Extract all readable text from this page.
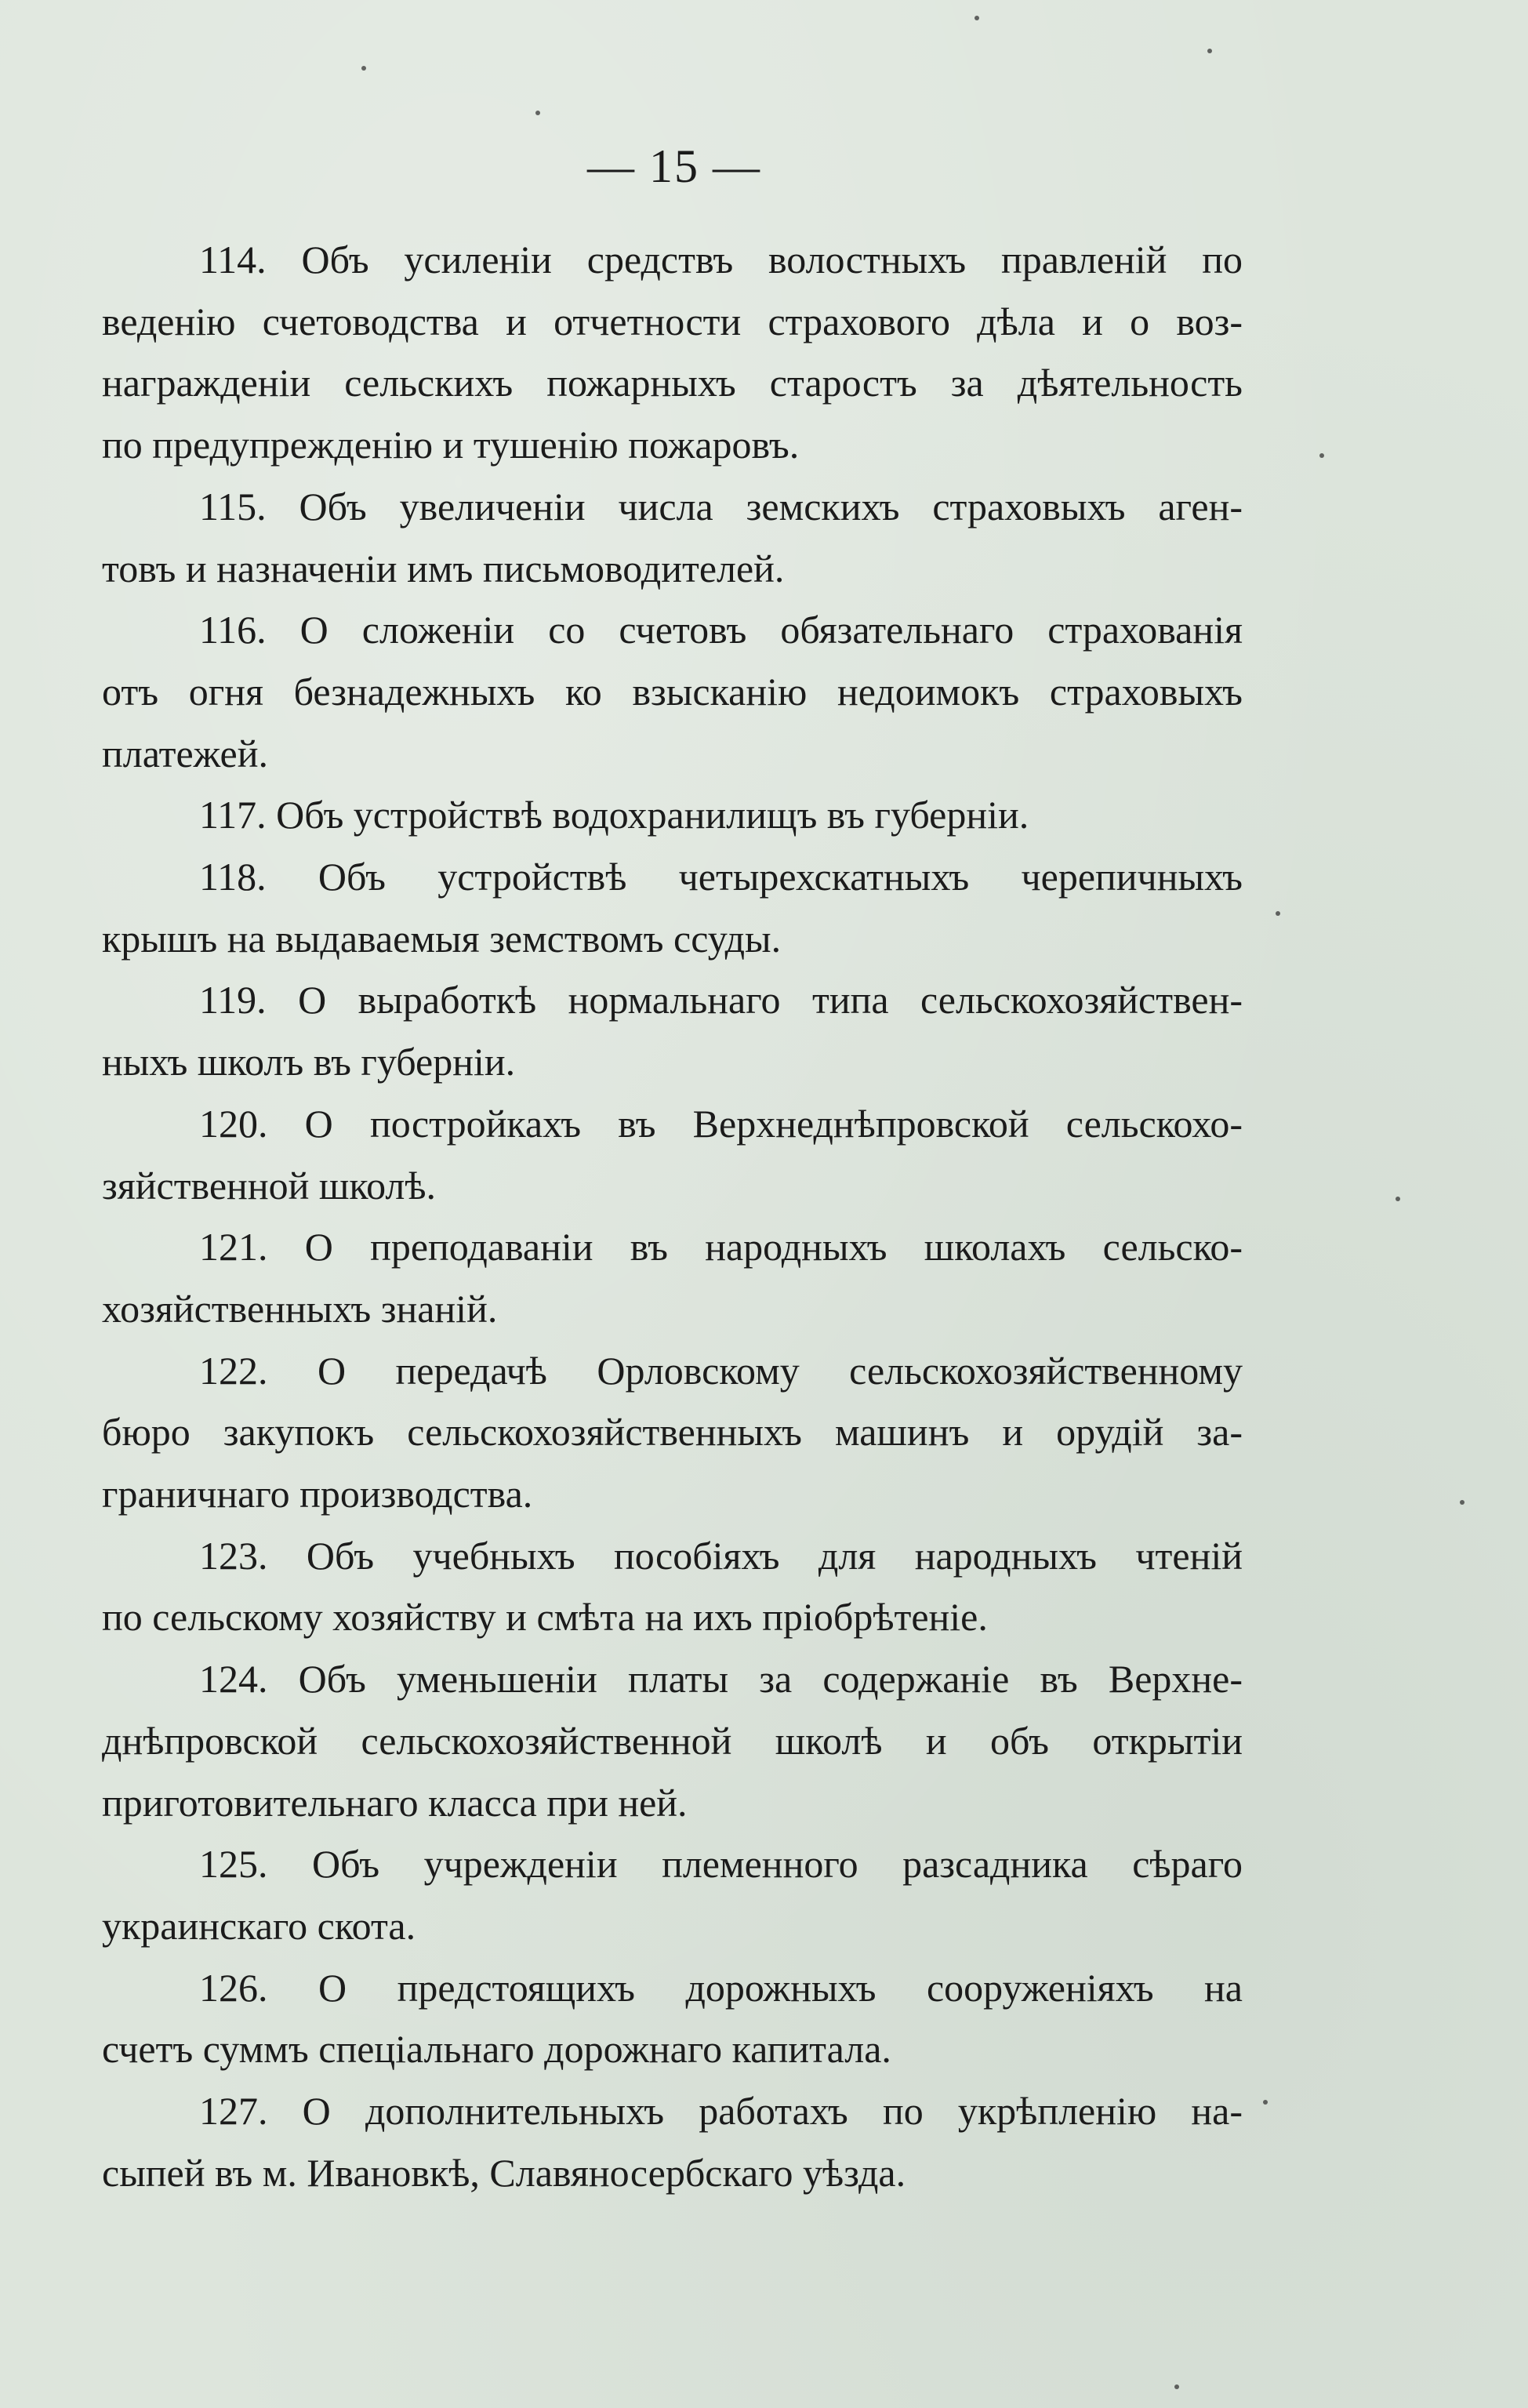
— 15 —
114. Объ усиленіи средствъ волостныхъ правленій по
веденію счетоводства и отчетности страхового дѣла и о воз-
награжденіи сельскихъ пожарныхъ старостъ за дѣятельность
по предупрежденію и тушенію пожаровъ.
115. Объ увеличеніи числа земскихъ страховыхъ аген-
товъ и назначеніи имъ письмоводителей.
116. О сложеніи со счетовъ обязательнаго страхованія
отъ огня безнадежныхъ ко взысканію недоимокъ страховыхъ
платежей.
117. Объ устройствѣ водохранилищъ въ губерніи.
118. Объ устройствѣ четырехскатныхъ черепичныхъ
крышъ на выдаваемыя земствомъ ссуды.
119. О выработкѣ нормальнаго типа сельскохозяйствен-
ныхъ школъ въ губерніи.
120. О постройкахъ въ Верхнеднѣпровской сельскохо-
зяйственной школѣ.
121. О преподаваніи въ народныхъ школахъ сельско-
хозяйственныхъ знаній.
122. О передачѣ Орловскому сельскохозяйственному
бюро закупокъ сельскохозяйственныхъ машинъ и орудій за-
граничнаго производства.
123. Объ учебныхъ пособіяхъ для народныхъ чтеній
по сельскому хозяйству и смѣта на ихъ пріобрѣтеніе.
124. Объ уменьшеніи платы за содержаніе въ Верхне-
днѣпровской сельскохозяйственной школѣ и объ открытіи
приготовительнаго класса при ней.
125. Объ учрежденіи племенного разсадника сѣраго
украинскаго скота.
126. О предстоящихъ дорожныхъ сооруженіяхъ на
счетъ суммъ спеціальнаго дорожнаго капитала.
127. О дополнительныхъ работахъ по укрѣпленію на-
сыпей въ м. Ивановкѣ, Славяносербскаго уѣзда.
